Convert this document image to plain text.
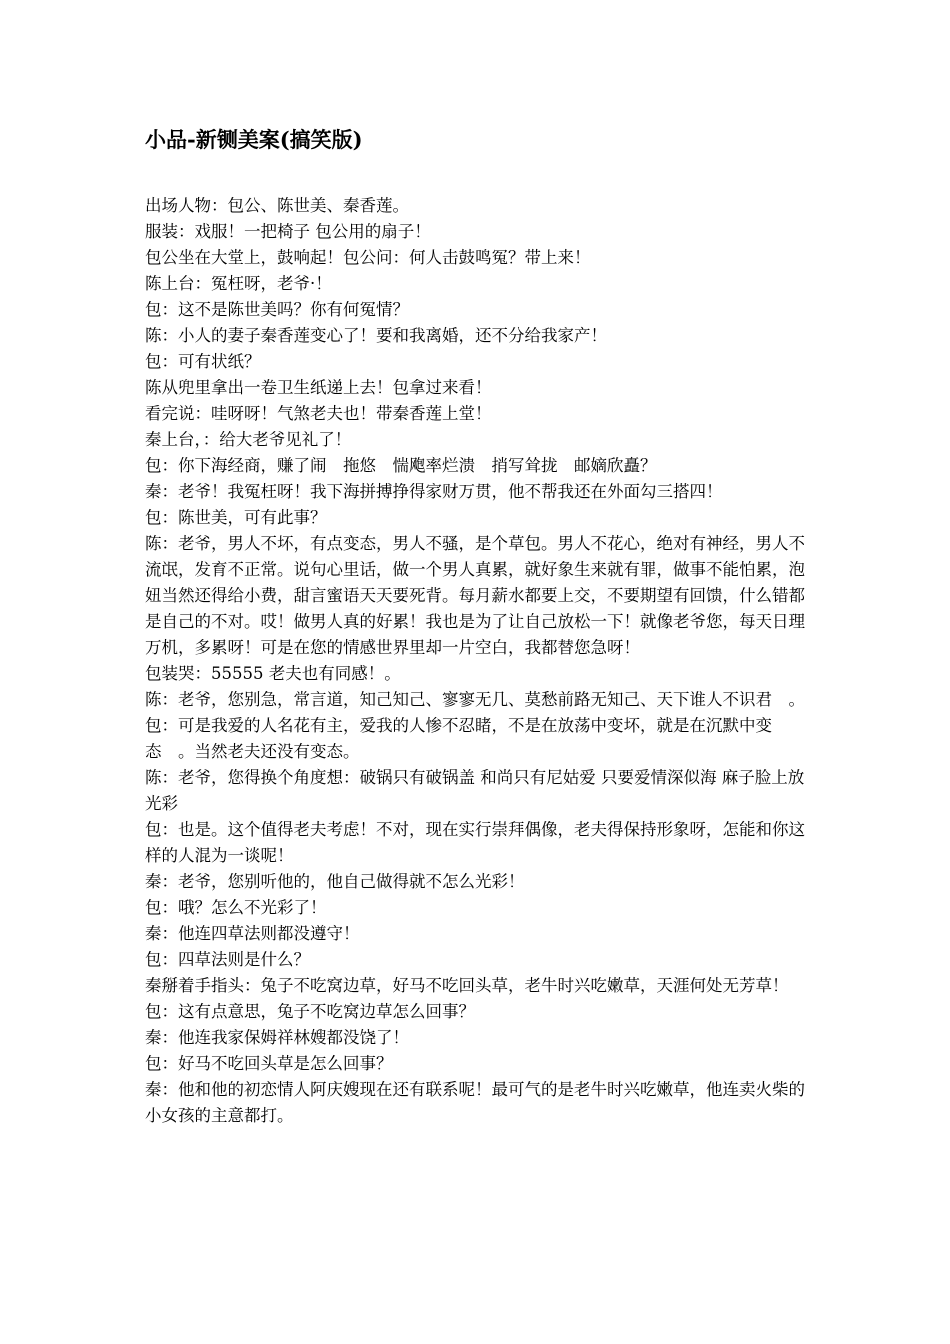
小品-新铡美案(搞笑版)

出场人物：包公、陈世美、秦香莲。

服装：戏服！一把椅子 包公用的扇子！

包公坐在大堂上，鼓响起！包公问：何人击鼓鸣冤？带上来！

陈上台：冤枉呀，老爷·！

包：这不是陈世美吗？你有何冤情？

陈：小人的妻子秦香莲变心了！要和我离婚，还不分给我家产！

包：可有状纸？

陈从兜里拿出一卷卫生纸递上去！包拿过来看！

看完说：哇呀呀！气煞老夫也！带秦香莲上堂！

秦上台，：给大老爷见礼了！

包：你下海经商，赚了闹　拖悠　惴飑率烂溃　捎写耸拢　邮嫡欣矗？

秦：老爷！我冤枉呀！我下海拼搏挣得家财万贯，他不帮我还在外面勾三搭四！

包：陈世美，可有此事？

陈：老爷，男人不坏，有点变态，男人不骚，是个草包。男人不花心，绝对有神经，男人不流氓，发育不正常。说句心里话，做一个男人真累，就好象生来就有罪，做事不能怕累，泡妞当然还得给小费，甜言蜜语天天要死背。每月薪水都要上交，不要期望有回馈，什么错都是自己的不对。哎！做男人真的好累！我也是为了让自己放松一下！就像老爷您，每天日理万机，多累呀！可是在您的情感世界里却一片空白，我都替您急呀！

包装哭：55555 老夫也有同感！。

陈：老爷，您别急，常言道，知己知己、寥寥无几、莫愁前路无知己、天下谁人不识君　。

包：可是我爱的人名花有主，爱我的人惨不忍睹，不是在放荡中变坏，就是在沉默中变态　。当然老夫还没有变态。

陈：老爷，您得换个角度想：破锅只有破锅盖 和尚只有尼姑爱 只要爱情深似海 麻子脸上放光彩

包：也是。这个值得老夫考虑！不对，现在实行崇拜偶像，老夫得保持形象呀，怎能和你这样的人混为一谈呢！

秦：老爷，您别听他的，他自己做得就不怎么光彩！

包：哦？怎么不光彩了！

秦：他连四草法则都没遵守！

包：四草法则是什么？

秦掰着手指头：兔子不吃窝边草，好马不吃回头草，老牛时兴吃嫩草，天涯何处无芳草！

包：这有点意思，兔子不吃窝边草怎么回事？

秦：他连我家保姆祥林嫂都没饶了！

包：好马不吃回头草是怎么回事？

秦：他和他的初恋情人阿庆嫂现在还有联系呢！最可气的是老牛时兴吃嫩草，他连卖火柴的小女孩的主意都打。
